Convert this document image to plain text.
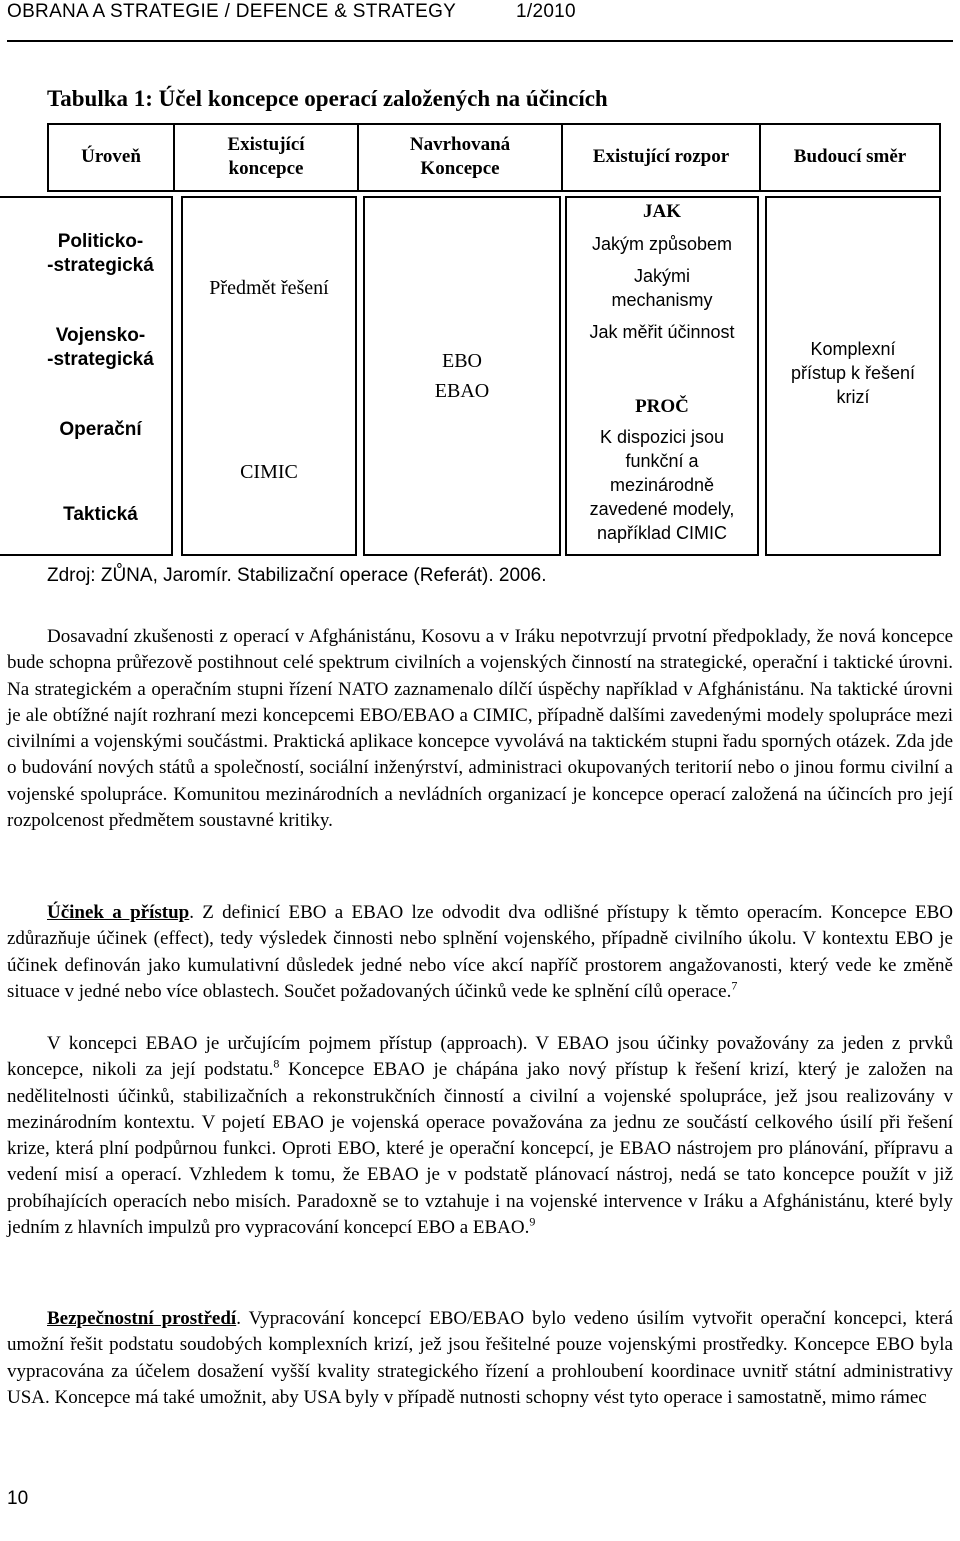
OBRANA A STRATEGIE / DEFENCE & STRATEGY	1/2010
Tabulka 1: Účel koncepce operací založených na účincích
Úroveň
Existující
koncepce
Navrhovaná
Koncepce
Existující rozpor	Budoucí směr
Politicko-
-strategická
Vojensko-
-strategická
Operační
Taktická
Předmět řešení
CIMIC
EBO
EBAO
JAK
Jakým způsobem
Jakými
mechanismy
Jak měřit účinnost
PROČ
K dispozici jsou
funkční a
mezinárodně
zavedené modely,
například CIMIC
Komplexní
přístup k řešení
krizí
Zdroj: ZŮNA, Jaromír. Stabilizační operace (Referát). 2006.

Dosavadní zkušenosti z operací v Afghánistánu, Kosovu a v Iráku nepotvrzují prvotní předpoklady, že nová koncepce bude schopna průřezově postihnout celé spektrum civilních a vojenských činností na strategické, operační i taktické úrovni. Na strategickém a operačním stupni řízení NATO zaznamenalo dílčí úspěchy například v Afghánistánu. Na taktické úrovni je ale obtížné najít rozhraní mezi koncepcemi EBO/EBAO a CIMIC, případně dalšími zavedenými modely spolupráce mezi civilními a vojenskými součástmi. Praktická aplikace koncepce vyvolává na taktickém stupni řadu sporných otázek. Zda jde o budování nových států a společností, sociální inženýrství, administraci okupovaných teritorií nebo o jinou formu civilní a vojenské spolupráce. Komunitou mezinárodních a nevládních organizací je koncepce operací založená na účincích pro její rozpolcenost předmětem soustavné kritiky.

Účinek a přístup. Z definicí EBO a EBAO lze odvodit dva odlišné přístupy k těmto operacím. Koncepce EBO zdůrazňuje účinek (effect), tedy výsledek činnosti nebo splnění vojenského, případně civilního úkolu. V kontextu EBO je účinek definován jako kumulativní důsledek jedné nebo více akcí napříč prostorem angažovanosti, který vede ke změně situace v jedné nebo více oblastech. Součet požadovaných účinků vede ke splnění cílů operace.$^7$

V koncepci EBAO je určujícím pojmem přístup (approach). V EBAO jsou účinky považovány za jeden z prvků koncepce, nikoli za její podstatu.$^8$ Koncepce EBAO je chápána jako nový přístup k řešení krizí, který je založen na nedělitelnosti účinků, stabilizačních a rekonstrukčních činností a civilní a vojenské spolupráce, jež jsou realizovány v mezinárodním kontextu. V pojetí EBAO je vojenská operace považována za jednu ze součástí celkového úsilí při řešení krize, která plní podpůrnou funkci. Oproti EBO, které je operační koncepcí, je EBAO nástrojem pro plánování, přípravu a vedení misí a operací. Vzhledem k tomu, že EBAO je v podstatě plánovací nástroj, nedá se tato koncepce použít v již probíhajících operacích nebo misích. Paradoxně se to vztahuje i na vojenské intervence v Iráku a Afghánistánu, které byly jedním z hlavních impulzů pro vypracování koncepcí EBO a EBAO.$^9$

Bezpečnostní prostředí. Vypracování koncepcí EBO/EBAO bylo vedeno úsilím vytvořit operační koncepci, která umožní řešit podstatu soudobých komplexních krizí, jež jsou řešitelné pouze vojenskými prostředky. Koncepce EBO byla vypracována za účelem dosažení vyšší kvality strategického řízení a prohloubení koordinace uvnitř státní administrativy USA. Koncepce má také umožnit, aby USA byly v případě nutnosti schopny vést tyto operace i samostatně, mimo rámec

10
